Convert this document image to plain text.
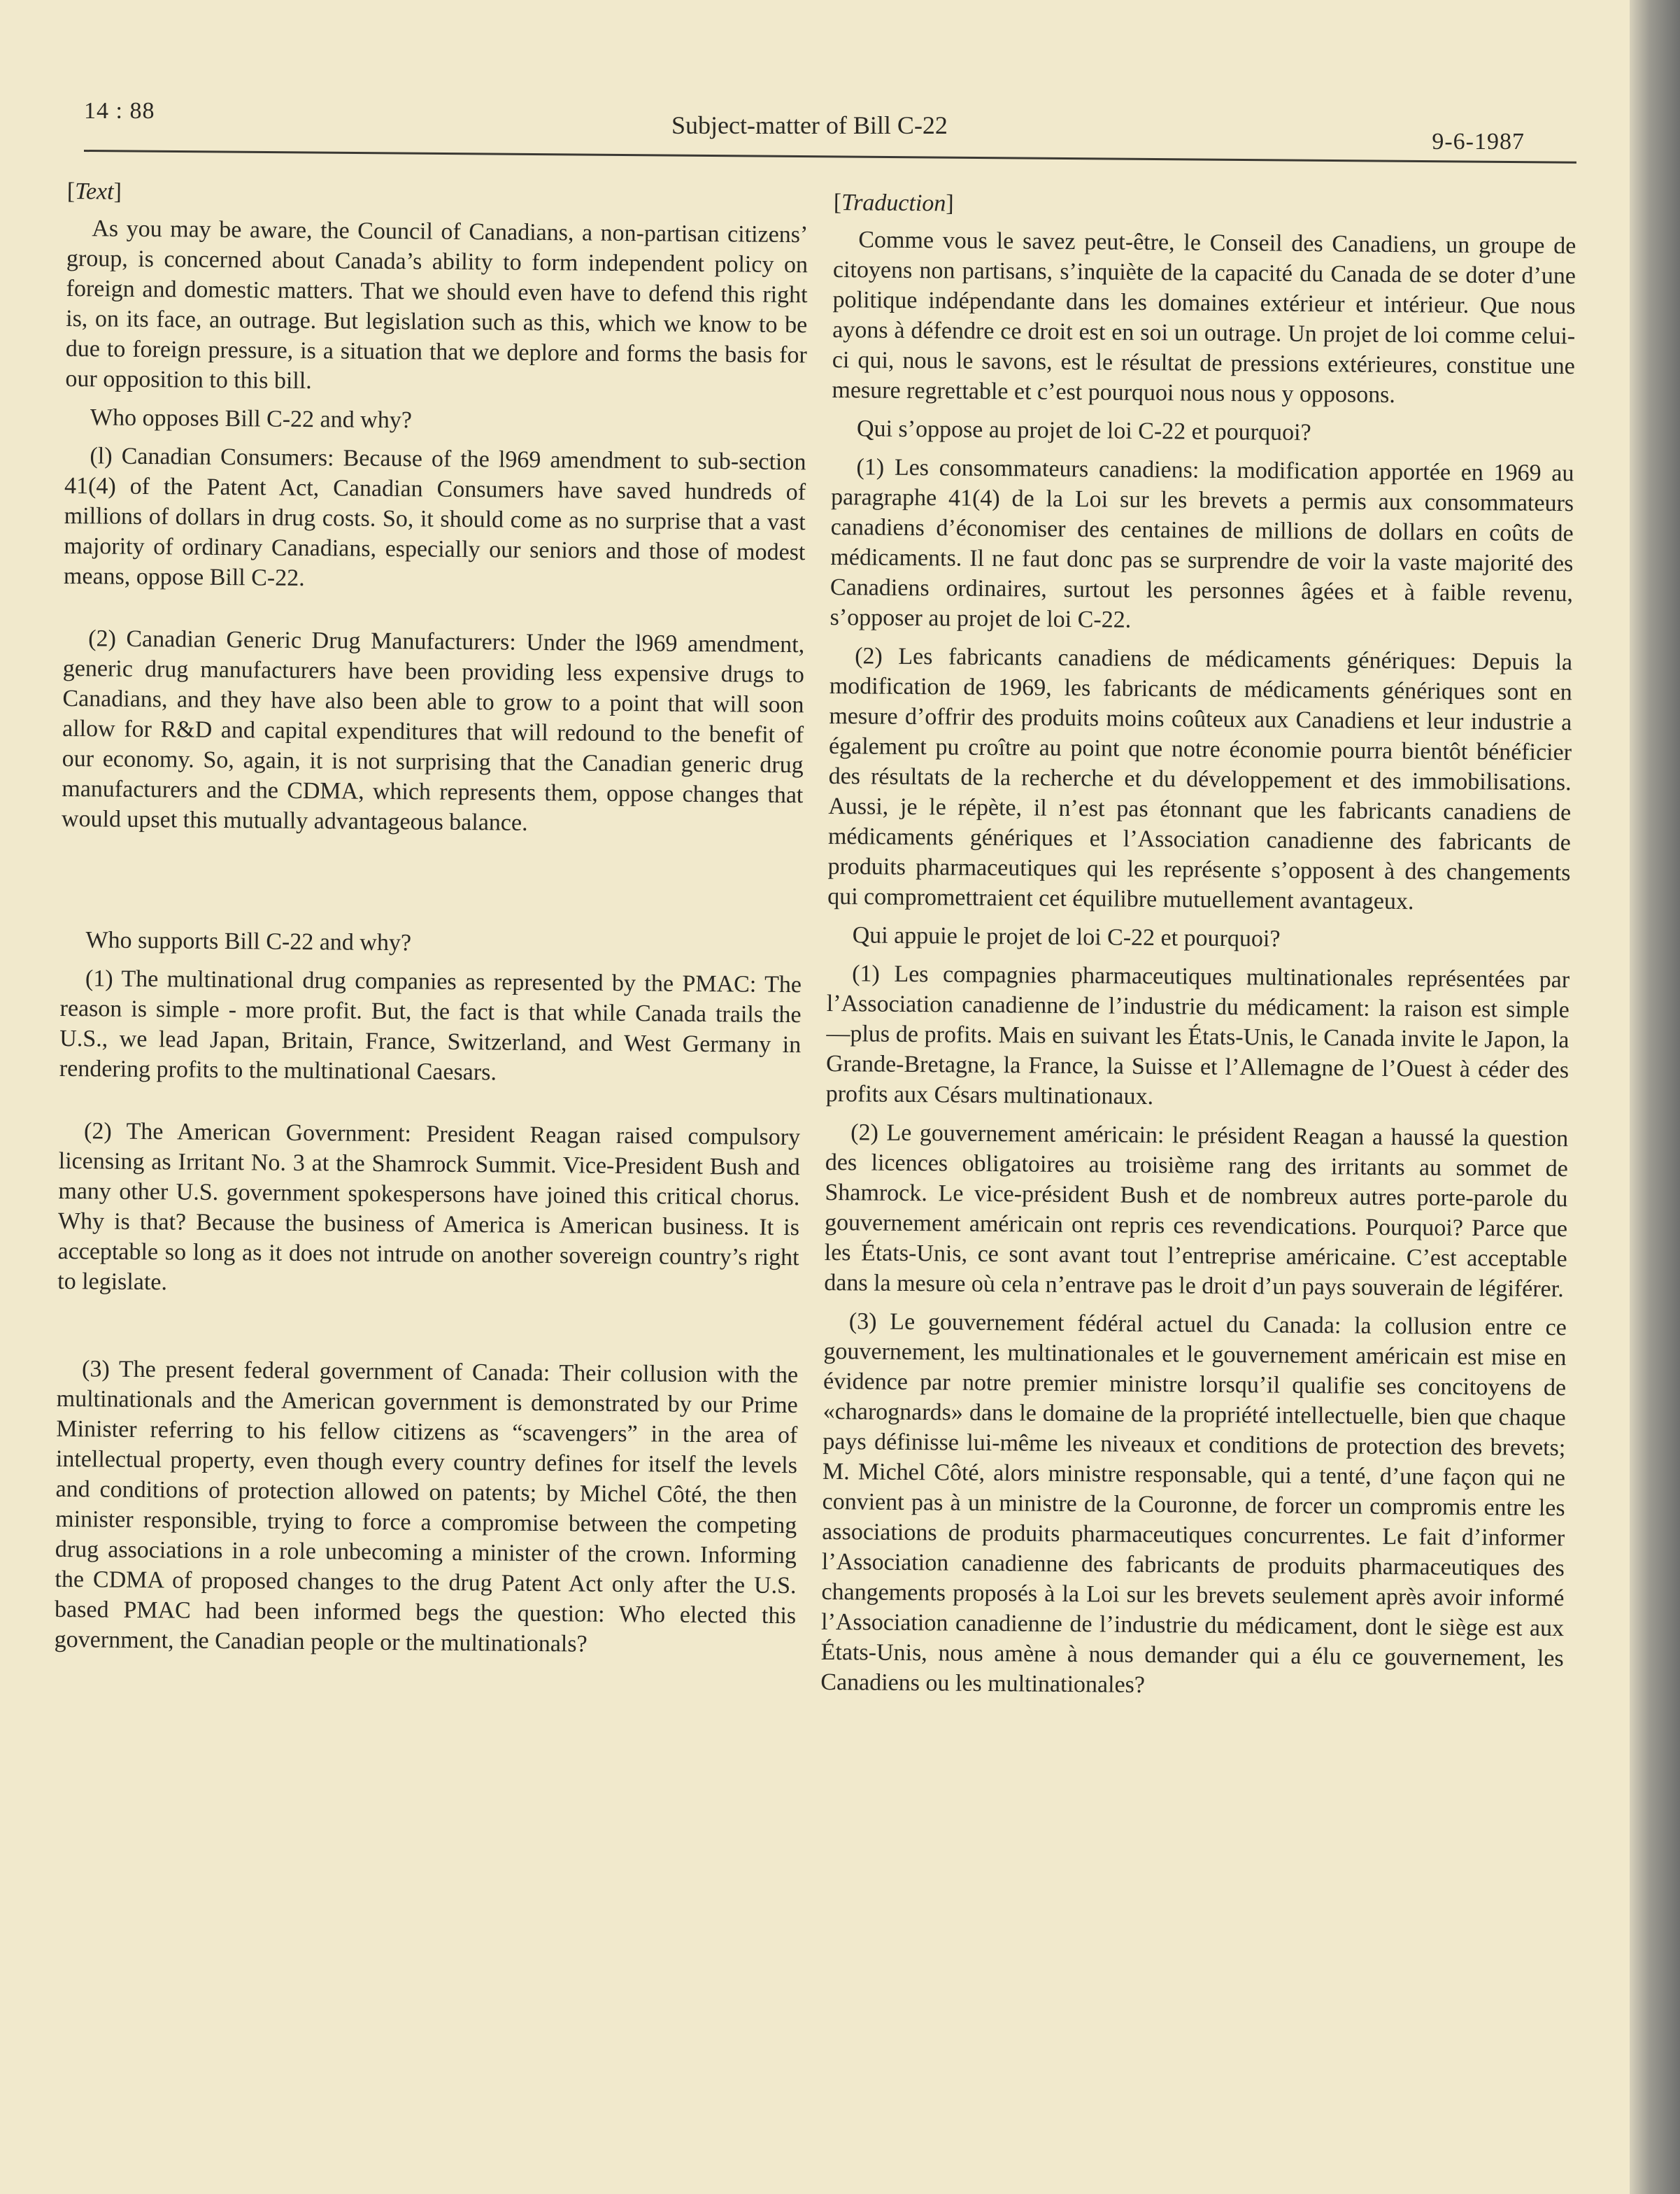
14 : 88
Subject-matter of Bill C-22
9-6-1987

[Text]

As you may be aware, the Council of Canadians, a non-partisan citizens’ group, is concerned about Canada’s ability to form independent policy on foreign and domestic matters. That we should even have to defend this right is, on its face, an outrage. But legislation such as this, which we know to be due to foreign pressure, is a situation that we deplore and forms the basis for our opposition to this bill.

Who opposes Bill C-22 and why?

(l) Canadian Consumers: Because of the l969 amendment to sub-section 41(4) of the Patent Act, Canadian Consumers have saved hundreds of millions of dollars in drug costs. So, it should come as no surprise that a vast majority of ordinary Canadians, especially our seniors and those of modest means, oppose Bill C-22.

(2) Canadian Generic Drug Manufacturers: Under the l969 amendment, generic drug manufacturers have been providing less expensive drugs to Canadians, and they have also been able to grow to a point that will soon allow for R&D and capital expenditures that will redound to the benefit of our economy. So, again, it is not surprising that the Canadian generic drug manufacturers and the CDMA, which represents them, oppose changes that would upset this mutually advantageous balance.

Who supports Bill C-22 and why?

(1) The multinational drug companies as represented by the PMAC: The reason is simple - more profit. But, the fact is that while Canada trails the U.S., we lead Japan, Britain, France, Switzerland, and West Germany in rendering profits to the multinational Caesars.

(2) The American Government: President Reagan raised compulsory licensing as Irritant No. 3 at the Shamrock Summit. Vice-President Bush and many other U.S. government spokespersons have joined this critical chorus. Why is that? Because the business of America is American business. It is acceptable so long as it does not intrude on another sovereign country’s right to legislate.

(3) The present federal government of Canada: Their collusion with the multinationals and the American government is demonstrated by our Prime Minister referring to his fellow citizens as “scavengers” in the area of intellectual property, even though every country defines for itself the levels and conditions of protection allowed on patents; by Michel Côté, the then minister responsible, trying to force a compromise between the competing drug associations in a role unbecoming a minister of the crown. Informing the CDMA of proposed changes to the drug Patent Act only after the U.S. based PMAC had been informed begs the question: Who elected this government, the Canadian people or the multinationals?

[Traduction]

Comme vous le savez peut-être, le Conseil des Canadiens, un groupe de citoyens non partisans, s’inquiète de la capacité du Canada de se doter d’une politique indépendante dans les domaines extérieur et intérieur. Que nous ayons à défendre ce droit est en soi un outrage. Un projet de loi comme celui-ci qui, nous le savons, est le résultat de pressions extérieures, constitue une mesure regrettable et c’est pourquoi nous nous y opposons.

Qui s’oppose au projet de loi C-22 et pourquoi?

(1) Les consommateurs canadiens: la modification apportée en 1969 au paragraphe 41(4) de la Loi sur les brevets a permis aux consommateurs canadiens d’économiser des centaines de millions de dollars en coûts de médicaments. Il ne faut donc pas se surprendre de voir la vaste majorité des Canadiens ordinaires, surtout les personnes âgées et à faible revenu, s’opposer au projet de loi C-22.

(2) Les fabricants canadiens de médicaments génériques: Depuis la modification de 1969, les fabricants de médicaments génériques sont en mesure d’offrir des produits moins coûteux aux Canadiens et leur industrie a également pu croître au point que notre économie pourra bientôt bénéficier des résultats de la recherche et du développement et des immobilisations. Aussi, je le répète, il n’est pas étonnant que les fabricants canadiens de médicaments génériques et l’Association canadienne des fabricants de produits pharmaceutiques qui les représente s’opposent à des changements qui compromettraient cet équilibre mutuellement avantageux.

Qui appuie le projet de loi C-22 et pourquoi?

(1) Les compagnies pharmaceutiques multinationales représentées par l’Association canadienne de l’industrie du médicament: la raison est simple—plus de profits. Mais en suivant les États-Unis, le Canada invite le Japon, la Grande-Bretagne, la France, la Suisse et l’Allemagne de l’Ouest à céder des profits aux Césars multinationaux.

(2) Le gouvernement américain: le président Reagan a haussé la question des licences obligatoires au troisième rang des irritants au sommet de Shamrock. Le vice-président Bush et de nombreux autres porte-parole du gouvernement américain ont repris ces revendications. Pourquoi? Parce que les États-Unis, ce sont avant tout l’entreprise américaine. C’est acceptable dans la mesure où cela n’entrave pas le droit d’un pays souverain de légiférer.

(3) Le gouvernement fédéral actuel du Canada: la collusion entre ce gouvernement, les multinationales et le gouvernement américain est mise en évidence par notre premier ministre lorsqu’il qualifie ses concitoyens de «charognards» dans le domaine de la propriété intellectuelle, bien que chaque pays définisse lui-même les niveaux et conditions de protection des brevets; M. Michel Côté, alors ministre responsable, qui a tenté, d’une façon qui ne convient pas à un ministre de la Couronne, de forcer un compromis entre les associations de produits pharmaceutiques concurrentes. Le fait d’informer l’Association canadienne des fabricants de produits pharmaceutiques des changements proposés à la Loi sur les brevets seulement après avoir informé l’Association canadienne de l’industrie du médicament, dont le siège est aux États-Unis, nous amène à nous demander qui a élu ce gouvernement, les Canadiens ou les multinationales?
